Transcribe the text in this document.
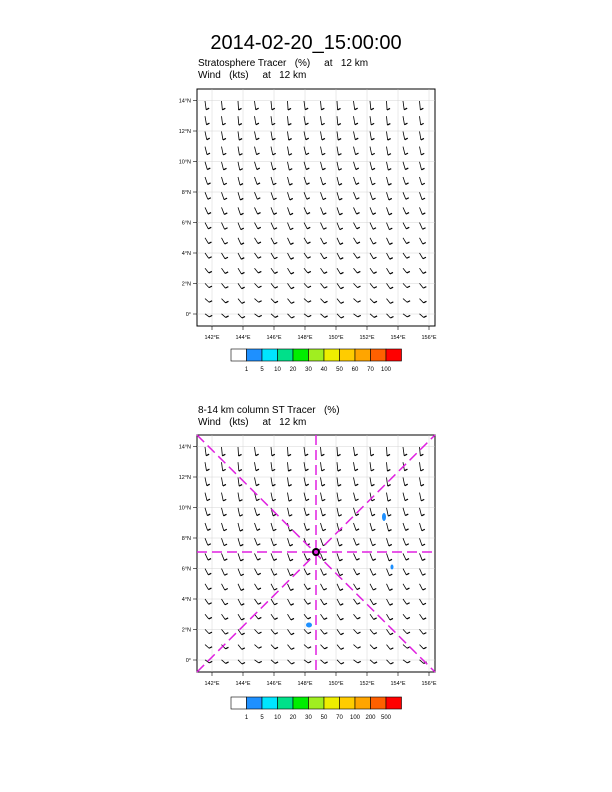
2014-02-20_15:00:00
Stratosphere Tracer   (%)     at   12 km
Wind   (kts)     at   12 km
142°E	144°E	146°E	148°E	150°E	152°E	154°E	156°E
0°
2°N
4°N
6°N
8°N
10°N
12°N
14°N
142°E	144°E	146°E	148°E	150°E	152°E	154°E	156°E
0°
2°N
4°N
6°N
8°N
10°N
12°N
14°N
1 5 10 20 30 40 50 60 70 100
1 5 10 20 30 50 70 100 200 500
8-14 km column ST Tracer   (%)
Wind   (kts)     at   12 km
